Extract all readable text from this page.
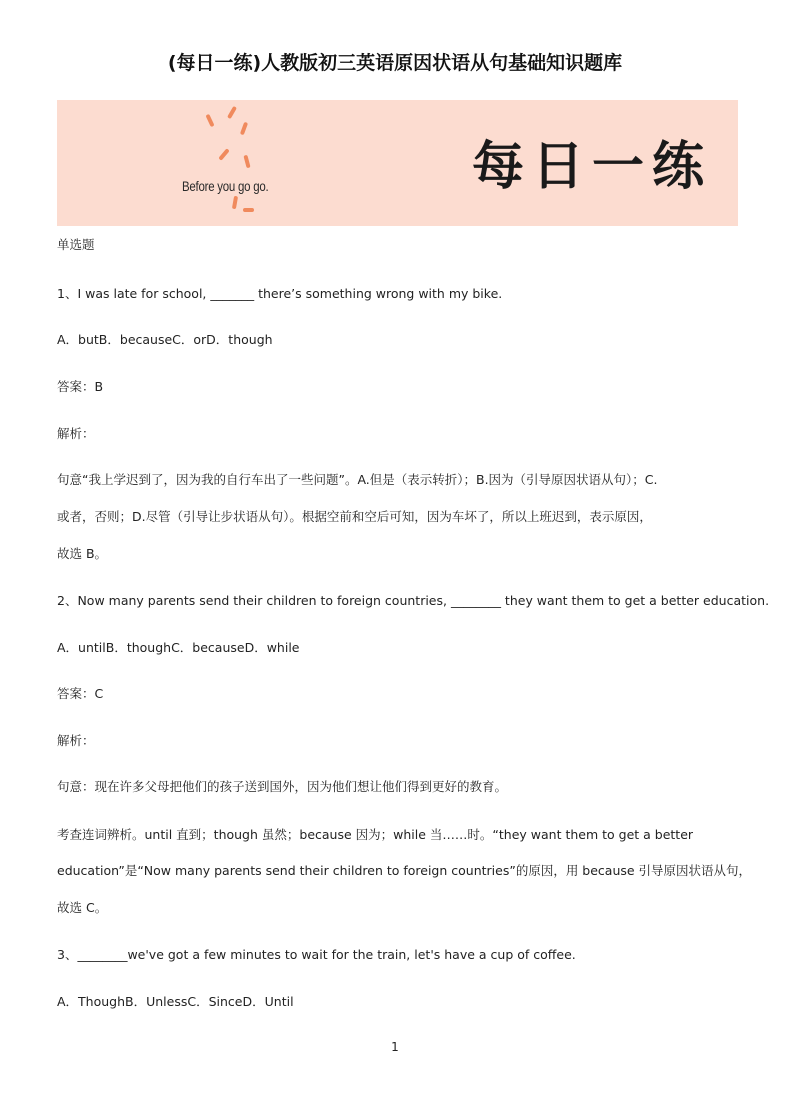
(每日一练)人教版初三英语原因状语从句基础知识题库
Before you go go.	每日一练
单选题
1、I was late for school, _______ there’s something wrong with my bike.
A．butB．becauseC．orD．though
答案：B
解析：
句意“我上学迟到了，因为我的自行车出了一些问题”。A.但是（表示转折）；B.因为（引导原因状语从句）；C.
或者，否则；D.尽管（引导让步状语从句）。根据空前和空后可知，因为车坏了，所以上班迟到，表示原因，
故选 B。
2、Now many parents send their children to foreign countries, ________ they want them to get a better education.
A．untilB．thoughC．becauseD．while
答案：C
解析：
句意：现在许多父母把他们的孩子送到国外，因为他们想让他们得到更好的教育。
考查连词辨析。until 直到；though 虽然；because 因为；while 当……时。“they want them to get a better
education”是“Now many parents send their children to foreign countries”的原因，用 because 引导原因状语从句，
故选 C。
3、________we've got a few minutes to wait for the train, let's have a cup of coffee.
A．ThoughB．UnlessC．SinceD．Until
1
